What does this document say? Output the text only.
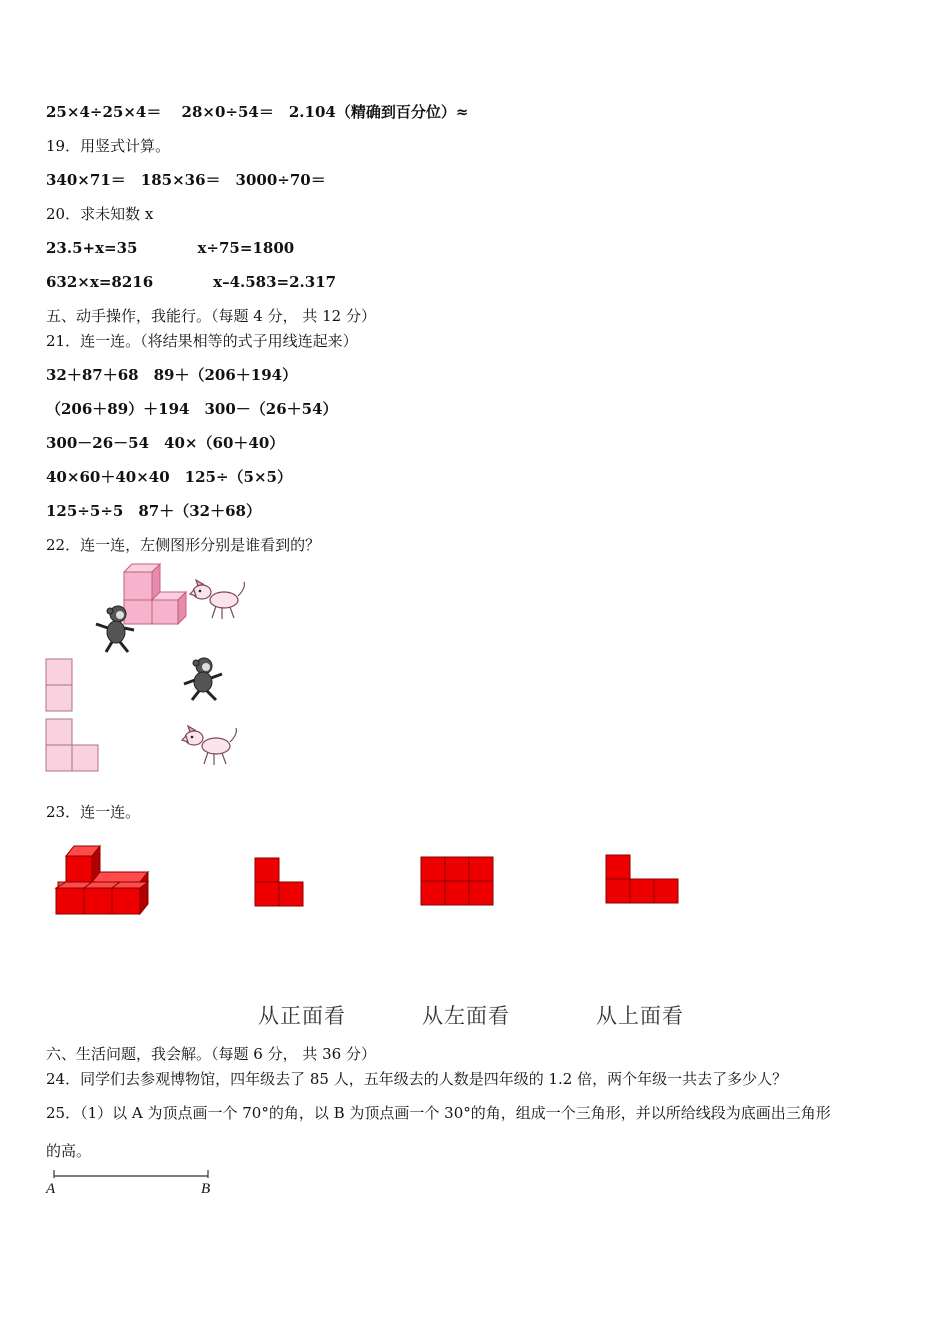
25×4÷25×4＝　 28×0÷54＝　2.104（精确到百分位）≈
19．用竖式计算。
340×71＝　185×36＝　3000÷70＝
20．求未知数 x
23.5+x=35　　　　x÷75=1800
632×x=8216　　　　x–4.583=2.317
五、动手操作，我能行。（每题 4 分， 共 12 分）
21．连一连。（将结果相等的式子用线连起来）
32＋87＋68　89＋（206＋194）
（206＋89）＋194　300－（26＋54）
300－26－54　40×（60＋40）
40×60＋40×40　125÷（5×5）
125÷5÷5　87＋（32＋68）
22．连一连，左侧图形分别是谁看到的？
23．连一连。
从正面看	从左面看	从上面看
六、生活问题，我会解。（每题 6 分， 共 36 分）
24．同学们去参观博物馆，四年级去了 85 人，五年级去的人数是四年级的 1.2 倍，两个年级一共去了多少人？
25．（1）以 A 为顶点画一个 70°的角，以 B 为顶点画一个 30°的角，组成一个三角形，并以所给线段为底画出三角形
的高。
A	B
